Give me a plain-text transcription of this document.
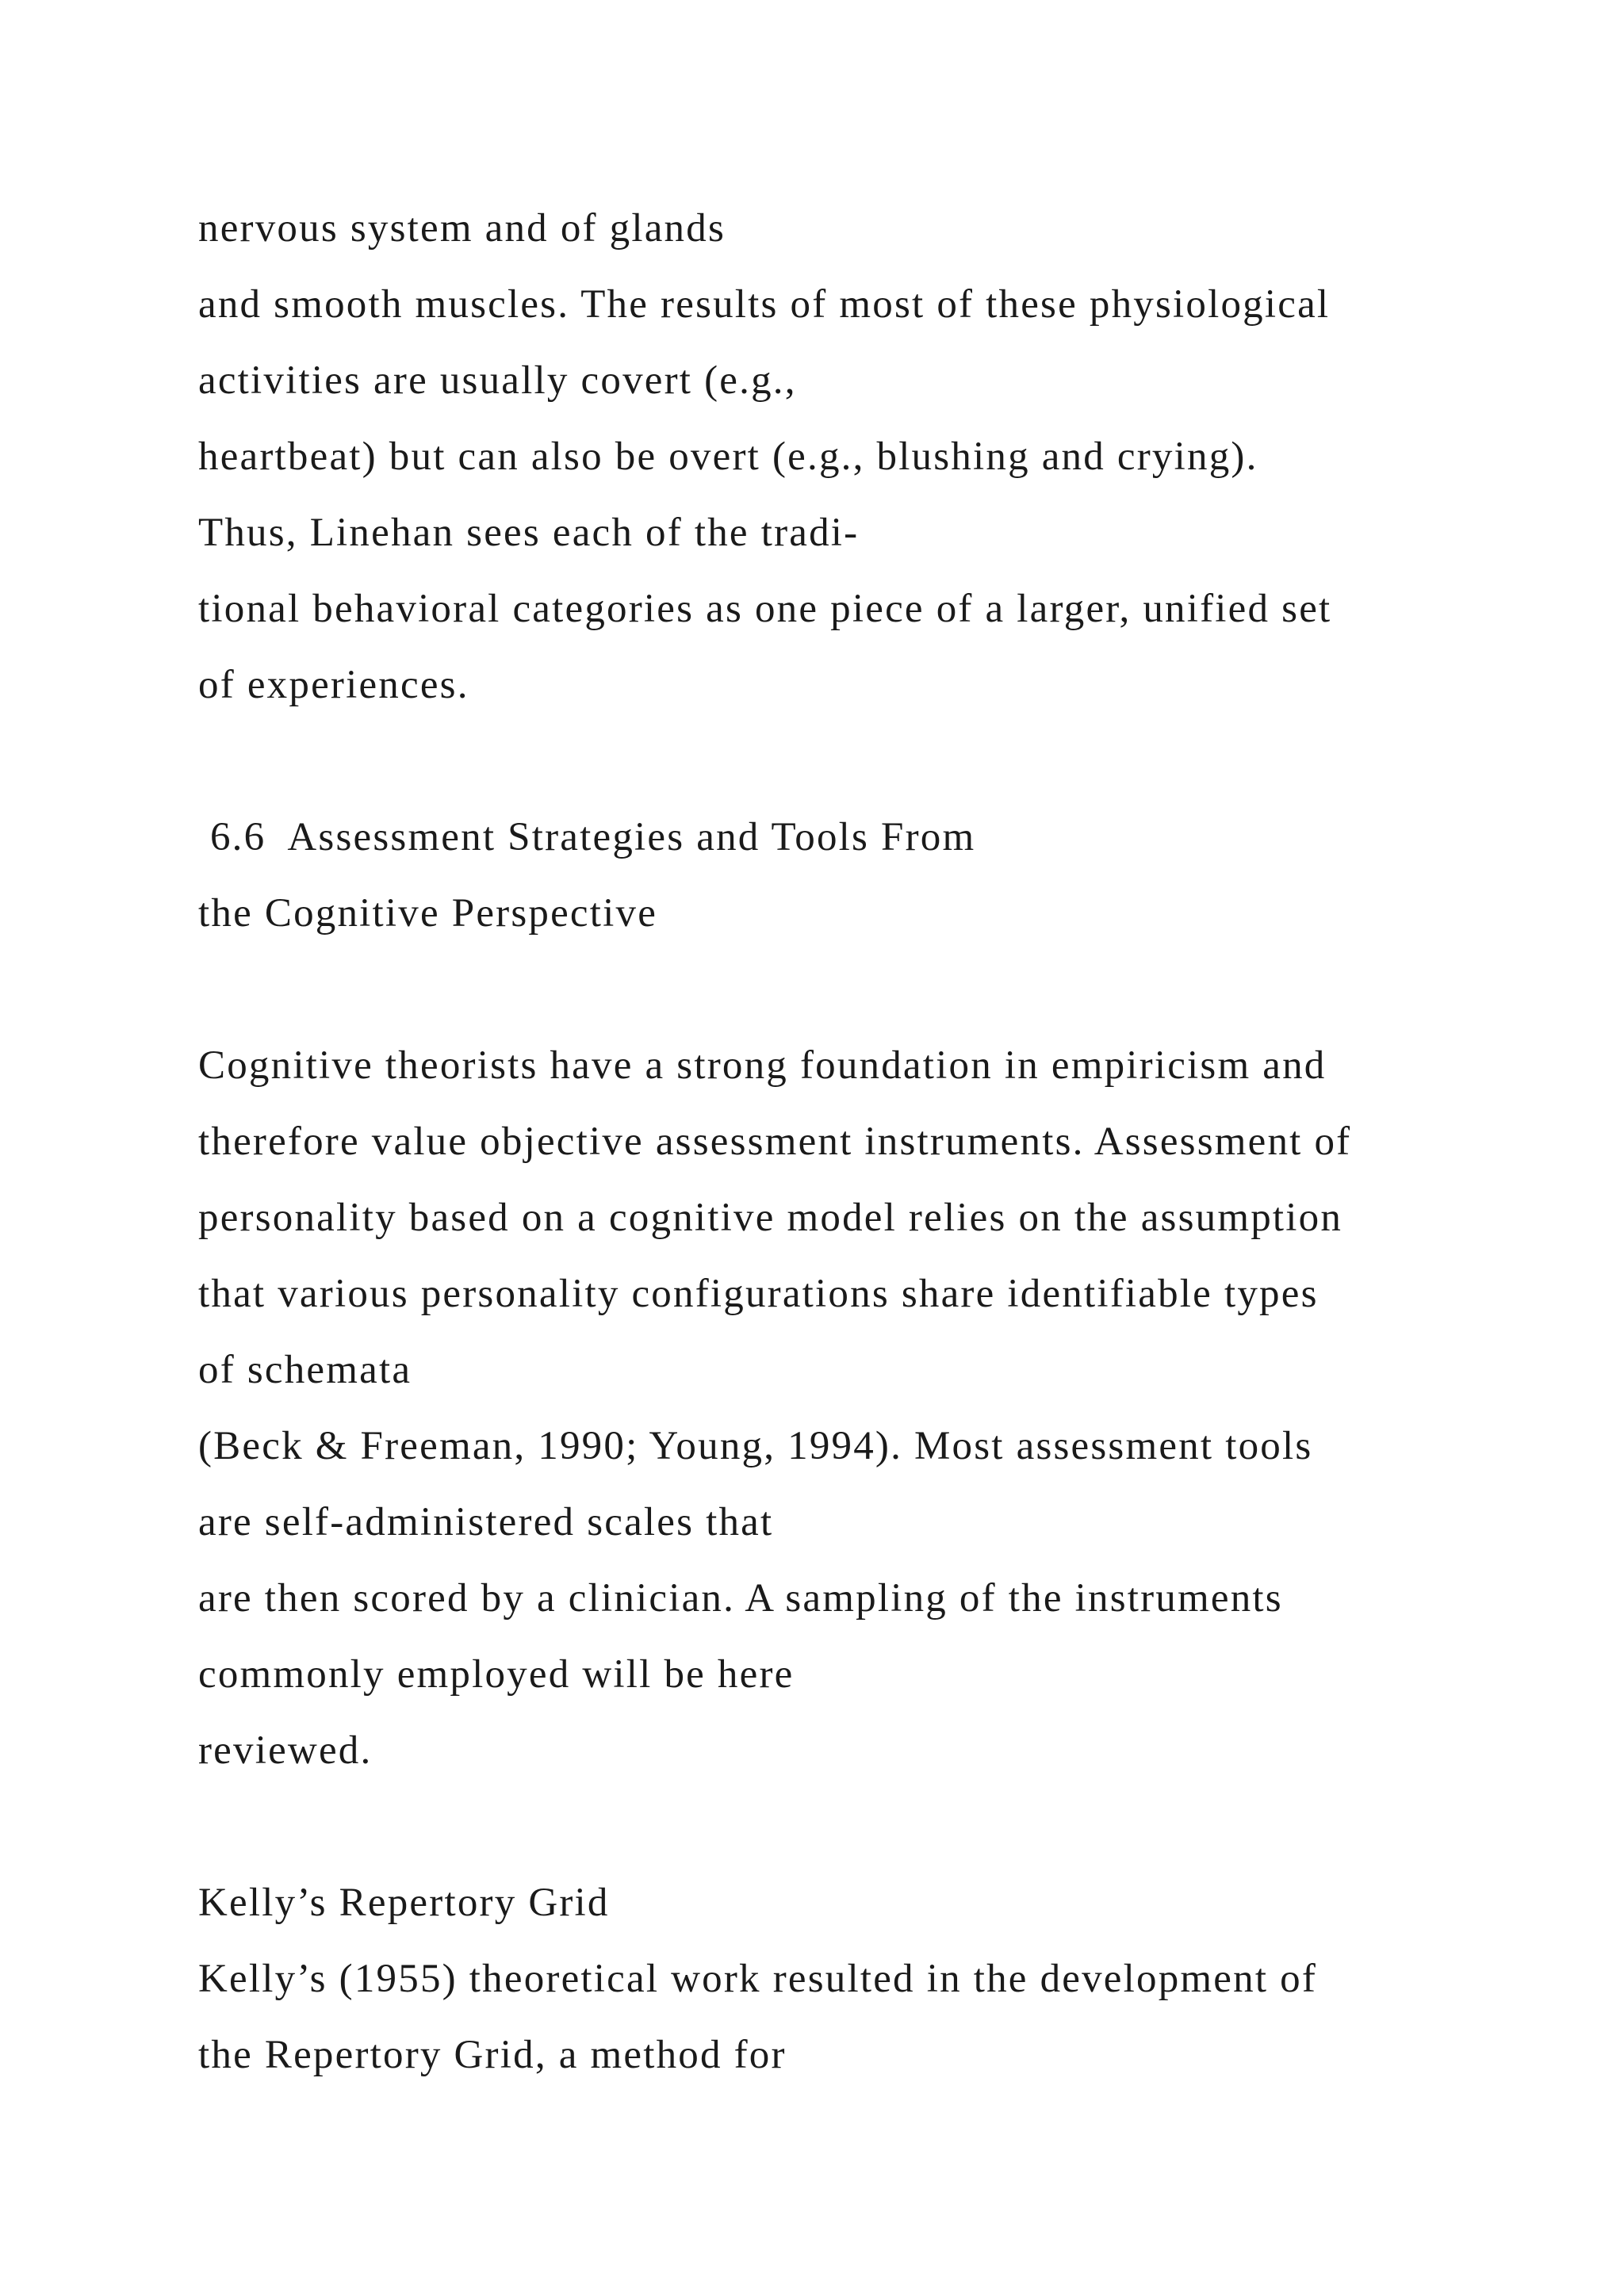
nervous system and of glands
and smooth muscles. The results of most of these physiological
activities are usually covert (e.g.,
heartbeat) but can also be overt (e.g., blushing and crying).
Thus, Linehan sees each of the tradi-
tional behavioral categories as one piece of a larger, unified set
of experiences.
6.6  Assessment Strategies and Tools From
the Cognitive Perspective
Cognitive theorists have a strong foundation in empiricism and
therefore value objective assessment instruments. Assessment of
personality based on a cognitive model relies on the assumption
that various personality configurations share identifiable types
of schemata
(Beck & Freeman, 1990; Young, 1994). Most assessment tools
are self-administered scales that
are then scored by a clinician. A sampling of the instruments
commonly employed will be here
reviewed.
Kelly’s Repertory Grid
Kelly’s (1955) theoretical work resulted in the development of
the Repertory Grid, a method for
